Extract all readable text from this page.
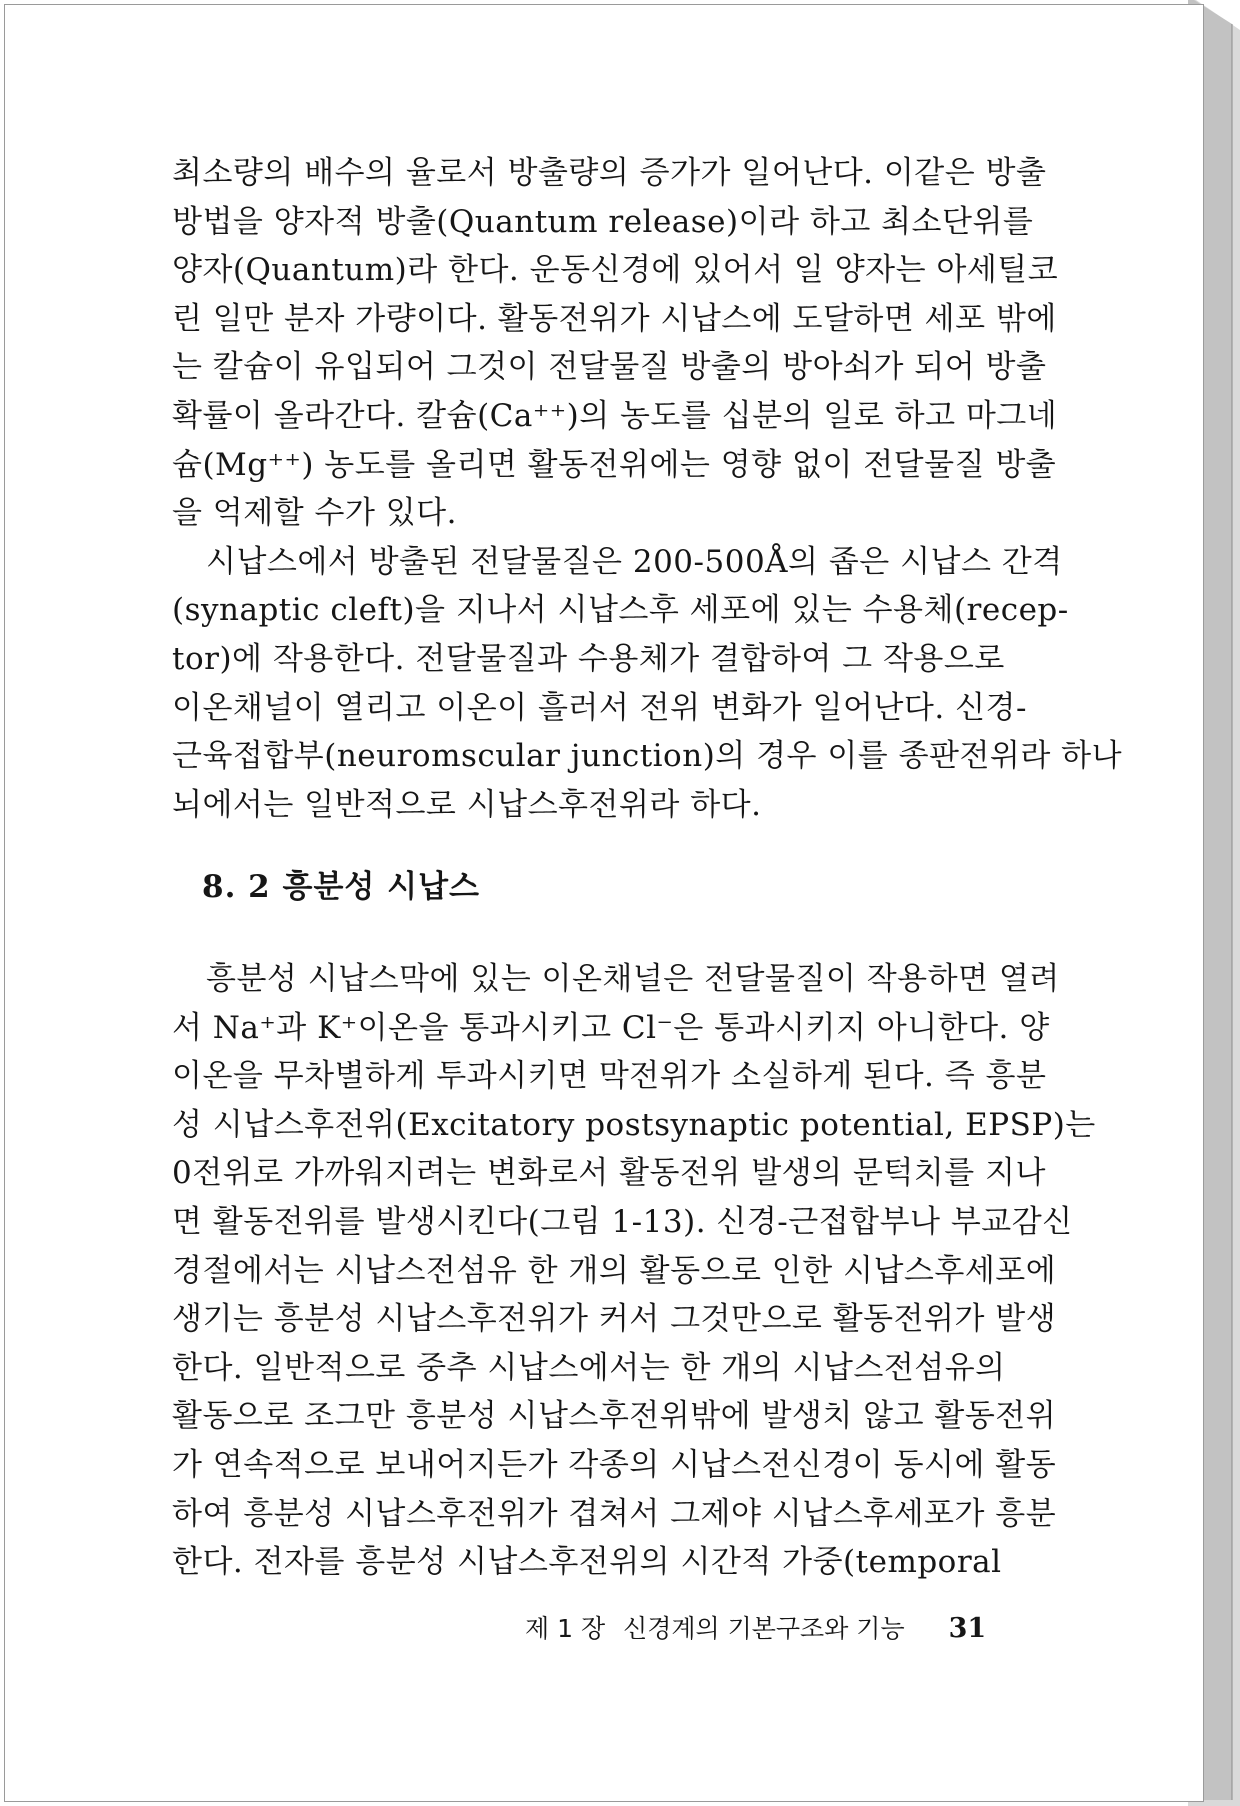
최소량의 배수의 율로서 방출량의 증가가 일어난다. 이같은 방출
방법을 양자적 방출(Quantum release)이라 하고 최소단위를
양자(Quantum)라 한다. 운동신경에 있어서 일 양자는 아세틸코
린 일만 분자 가량이다. 활동전위가 시납스에 도달하면 세포 밖에
는 칼슘이 유입되어 그것이 전달물질 방출의 방아쇠가 되어 방출
확률이 올라간다. 칼슘(Ca⁺⁺)의 농도를 십분의 일로 하고 마그네
슘(Mg⁺⁺) 농도를 올리면 활동전위에는 영향 없이 전달물질 방출
을 억제할 수가 있다.
시납스에서 방출된 전달물질은 200-500Å의 좁은 시납스 간격
(synaptic cleft)을 지나서 시납스후 세포에 있는 수용체(recep-
tor)에 작용한다. 전달물질과 수용체가 결합하여 그 작용으로
이온채널이 열리고 이온이 흘러서 전위 변화가 일어난다. 신경-
근육접합부(neuromscular junction)의 경우 이를 종판전위라 하나
뇌에서는 일반적으로 시납스후전위라 하다.
8. 2 흥분성 시납스
흥분성 시납스막에 있는 이온채널은 전달물질이 작용하면 열려
서 Na⁺과 K⁺이온을 통과시키고 Cl⁻은 통과시키지 아니한다. 양
이온을 무차별하게 투과시키면 막전위가 소실하게 된다. 즉 흥분
성 시납스후전위(Excitatory postsynaptic potential, EPSP)는
0전위로 가까워지려는 변화로서 활동전위 발생의 문턱치를 지나
면 활동전위를 발생시킨다(그림 1-13). 신경-근접합부나 부교감신
경절에서는 시납스전섬유 한 개의 활동으로 인한 시납스후세포에
생기는 흥분성 시납스후전위가 커서 그것만으로 활동전위가 발생
한다. 일반적으로 중추 시납스에서는 한 개의 시납스전섬유의
활동으로 조그만 흥분성 시납스후전위밖에 발생치 않고 활동전위
가 연속적으로 보내어지든가 각종의 시납스전신경이 동시에 활동
하여 흥분성 시납스후전위가 겹쳐서 그제야 시납스후세포가 흥분
한다. 전자를 흥분성 시납스후전위의 시간적 가중(temporal
제 1 장 신경계의 기본구조와 기능 31
